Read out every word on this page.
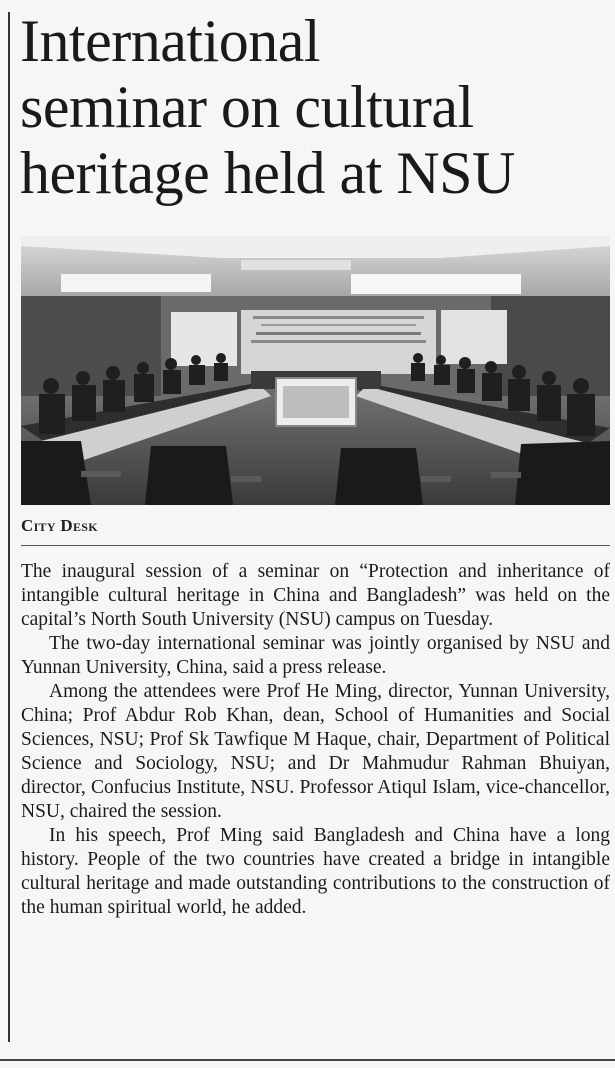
International
seminar on cultural
heritage held at NSU
City Desk

The inaugural session of a seminar on “Protection and inheritance of intangible cultural heritage in China and Bangladesh” was held on the capital’s North South University (NSU) campus on Tuesday.

The two-day international seminar was jointly organised by NSU and Yunnan University, China, said a press release.

Among the attendees were Prof He Ming, director, Yunnan University, China; Prof Abdur Rob Khan, dean, School of Humanities and Social Sciences, NSU; Prof Sk Tawfique M Haque, chair, Department of Political Science and Sociology, NSU; and Dr Mahmudur Rahman Bhuiyan, director, Confucius Institute, NSU. Professor Atiqul Islam, vice-chancellor, NSU, chaired the session.

In his speech, Prof Ming said Bangladesh and China have a long history. People of the two countries have created a bridge in intangible cultural heritage and made outstanding contributions to the construction of the human spiritual world, he added.
